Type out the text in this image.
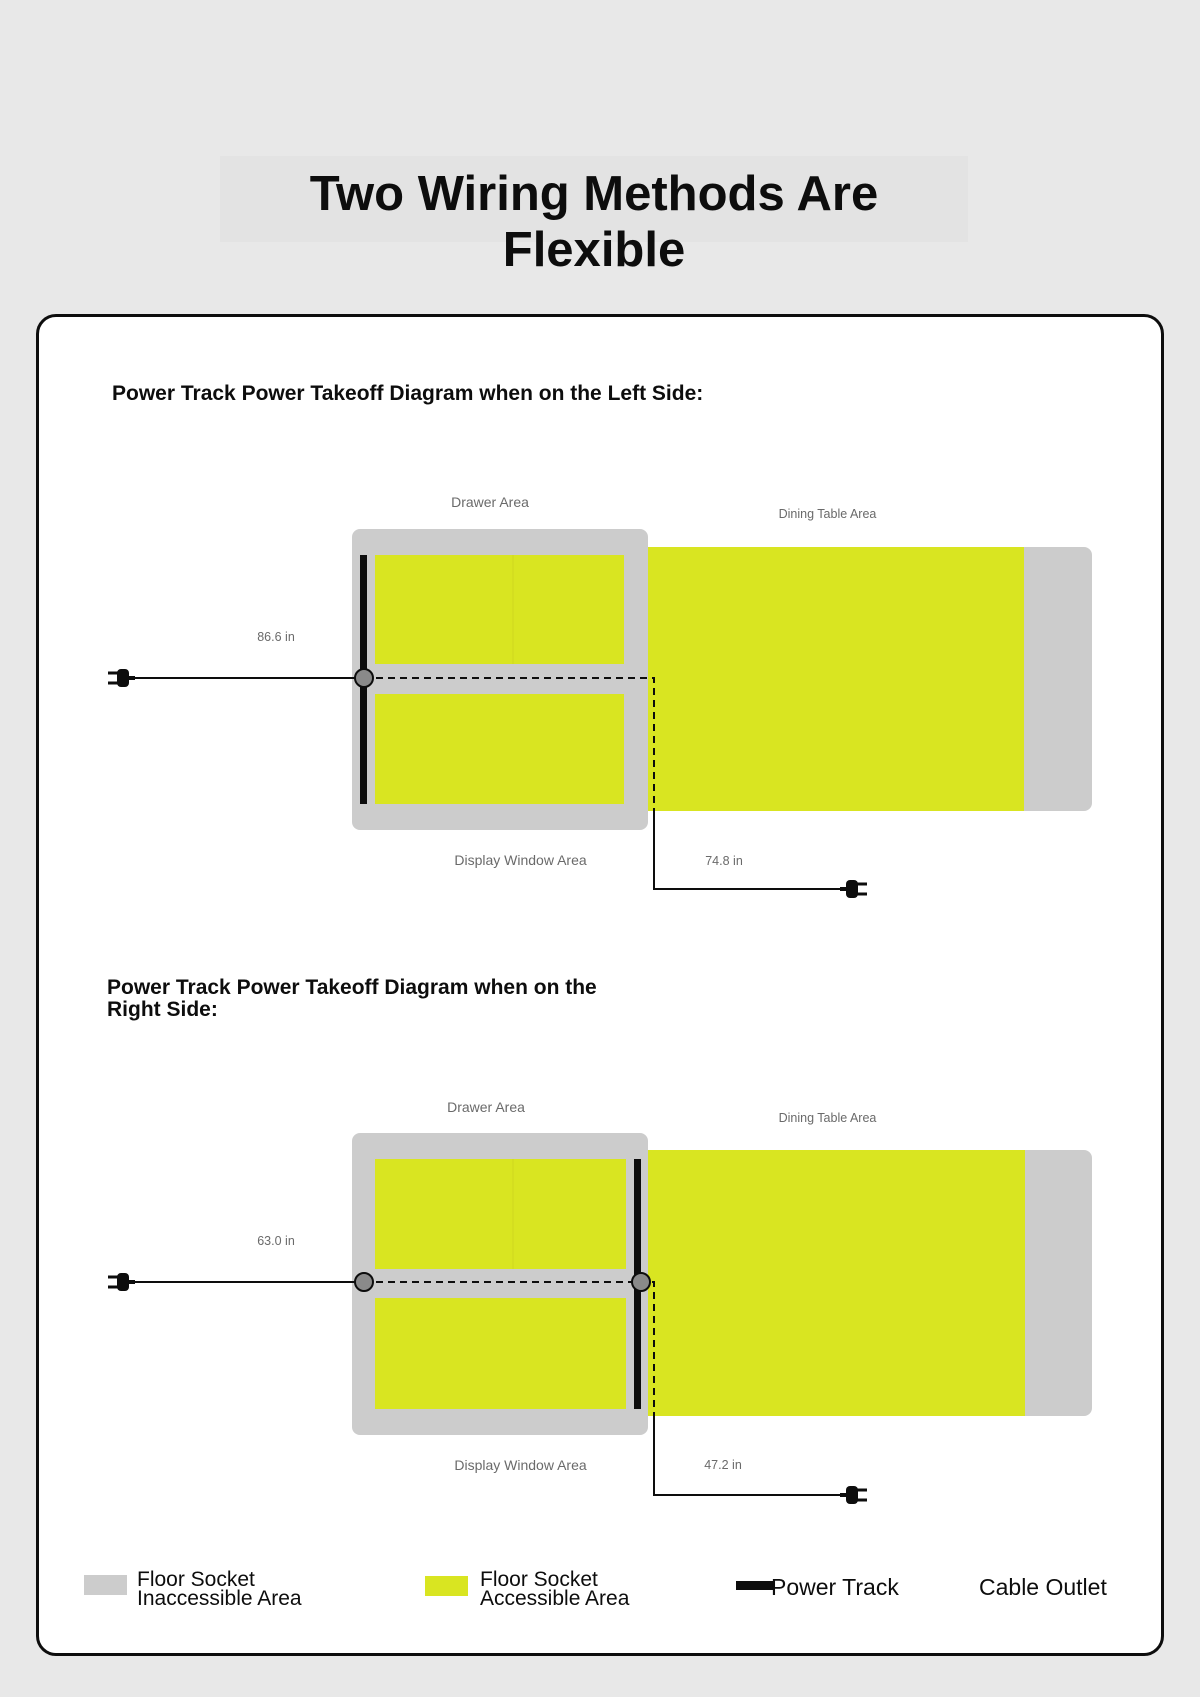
Two Wiring Methods Are Flexible
Power Track Power Takeoff Diagram when on the Left Side:
Drawer Area
Dining Table Area
Display Window Area
86.6 in
74.8 in
Power Track Power Takeoff Diagram when on the
Right Side:
Drawer Area
Dining Table Area
Display Window Area
63.0 in
47.2 in
Floor Socket
Inaccessible Area
Floor Socket
Accessible Area	Power Track	Cable Outlet
